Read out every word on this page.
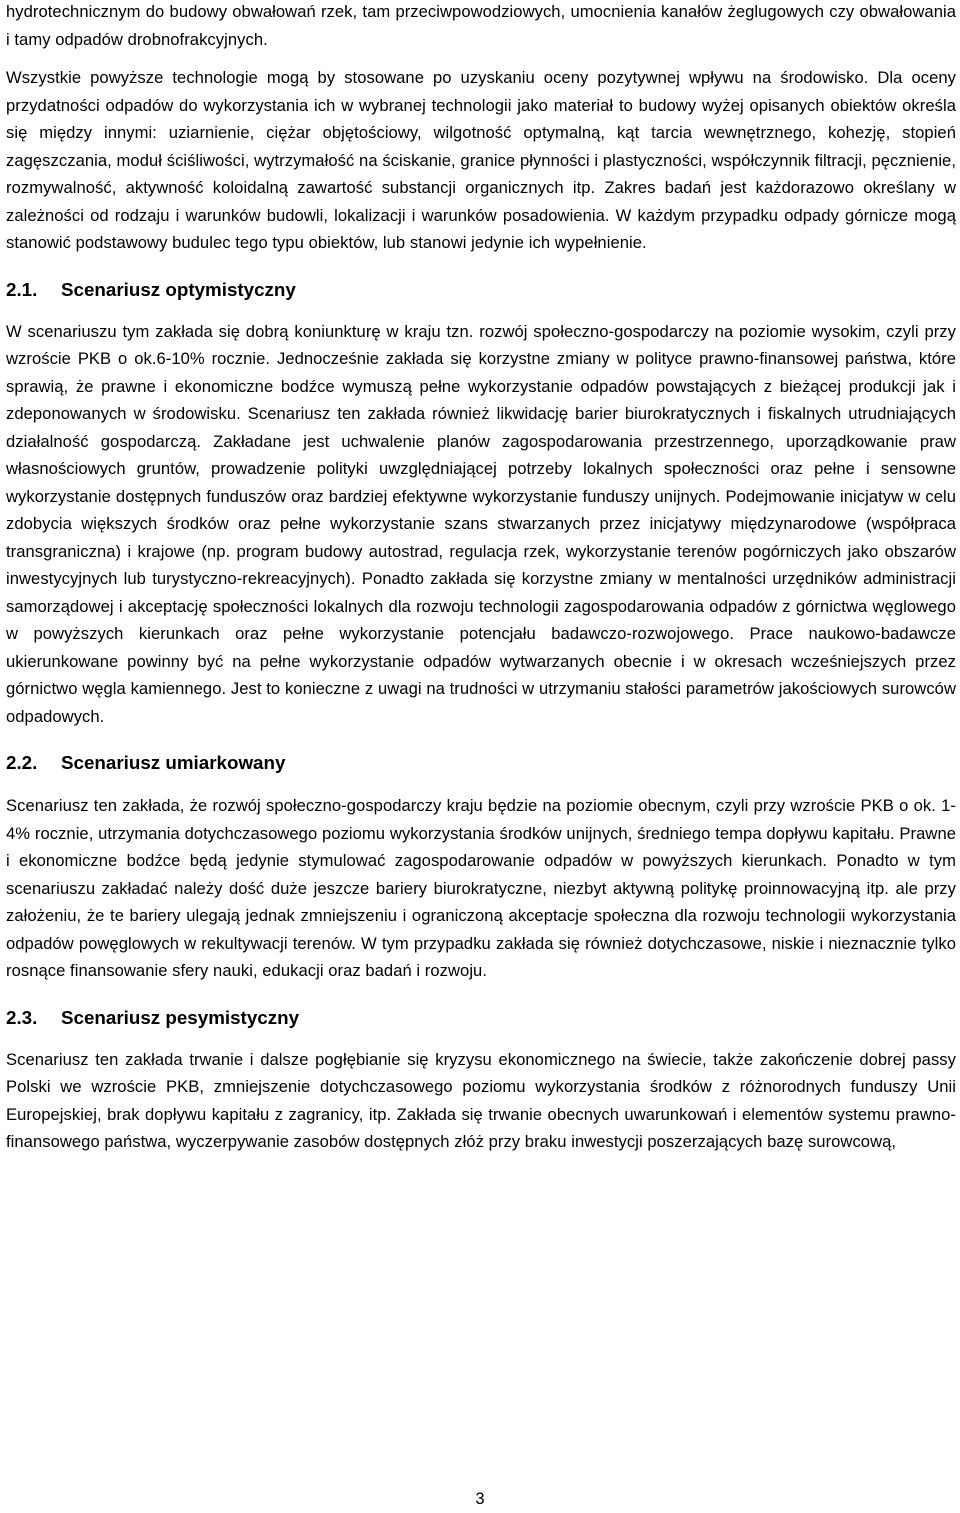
hydrotechnicznym do budowy obwałowań rzek, tam przeciwpowodziowych, umocnienia kanałów żeglugowych czy obwałowania i tamy odpadów drobnofrakcyjnych.

Wszystkie powyższe technologie mogą by stosowane po uzyskaniu oceny pozytywnej wpływu na środowisko. Dla oceny przydatności odpadów do wykorzystania ich w wybranej technologii jako materiał to budowy wyżej opisanych obiektów określa się między innymi: uziarnienie, ciężar objętościowy, wilgotność optymalną, kąt tarcia wewnętrznego, kohezję, stopień zagęszczania, moduł ściśliwości, wytrzymałość na ściskanie, granice płynności i plastyczności, współczynnik filtracji, pęcznienie, rozmywalność, aktywność koloidalną zawartość substancji organicznych itp. Zakres badań jest każdorazowo określany w zależności od rodzaju i warunków budowli, lokalizacji i warunków posadowienia. W każdym przypadku odpady górnicze mogą stanowić podstawowy budulec tego typu obiektów, lub stanowi jedynie ich wypełnienie.

2.1.	Scenariusz optymistyczny

W scenariuszu tym zakłada się dobrą koniunkturę w kraju tzn. rozwój społeczno-gospodarczy na poziomie wysokim, czyli przy wzroście PKB o ok.6-10% rocznie. Jednocześnie zakłada się korzystne zmiany w polityce prawno-finansowej państwa, które sprawią, że prawne i ekonomiczne bodźce wymuszą pełne wykorzystanie odpadów powstających z bieżącej produkcji jak i zdeponowanych w środowisku. Scenariusz ten zakłada również likwidację barier biurokratycznych i fiskalnych utrudniających działalność gospodarczą. Zakładane jest uchwalenie planów zagospodarowania przestrzennego, uporządkowanie praw własnościowych gruntów, prowadzenie polityki uwzględniającej potrzeby lokalnych społeczności oraz pełne i sensowne wykorzystanie dostępnych funduszów oraz bardziej efektywne wykorzystanie funduszy unijnych. Podejmowanie inicjatyw w celu zdobycia większych środków oraz pełne wykorzystanie szans stwarzanych przez inicjatywy międzynarodowe (współpraca transgraniczna) i krajowe (np. program budowy autostrad, regulacja rzek, wykorzystanie terenów pogórniczych jako obszarów inwestycyjnych lub turystyczno-rekreacyjnych). Ponadto zakłada się korzystne zmiany w mentalności urzędników administracji samorządowej i akceptację społeczności lokalnych dla rozwoju technologii zagospodarowania odpadów z górnictwa węglowego w powyższych kierunkach oraz pełne wykorzystanie potencjału badawczo-rozwojowego. Prace naukowo-badawcze ukierunkowane powinny być na pełne wykorzystanie odpadów wytwarzanych obecnie i w okresach wcześniejszych przez górnictwo węgla kamiennego. Jest to konieczne z uwagi na trudności w utrzymaniu stałości parametrów jakościowych surowców odpadowych.

2.2.	Scenariusz umiarkowany

Scenariusz ten zakłada, że rozwój społeczno-gospodarczy kraju będzie na poziomie obecnym, czyli przy wzroście PKB o ok. 1-4% rocznie, utrzymania dotychczasowego poziomu wykorzystania środków unijnych, średniego tempa dopływu kapitału. Prawne i ekonomiczne bodźce będą jedynie stymulować zagospodarowanie odpadów w powyższych kierunkach. Ponadto w tym scenariuszu zakładać należy dość duże jeszcze bariery biurokratyczne, niezbyt aktywną politykę proinnowacyjną itp. ale przy założeniu, że te bariery ulegają jednak zmniejszeniu i ograniczoną akceptacje społeczna dla rozwoju technologii wykorzystania odpadów powęglowych w rekultywacji terenów. W tym przypadku zakłada się również dotychczasowe, niskie i nieznacznie tylko rosnące finansowanie sfery nauki, edukacji oraz badań i rozwoju.

2.3.	Scenariusz pesymistyczny

Scenariusz ten zakłada trwanie i dalsze pogłębianie się kryzysu ekonomicznego na świecie, także zakończenie dobrej passy Polski we wzroście PKB, zmniejszenie dotychczasowego poziomu wykorzystania środków z różnorodnych funduszy Unii Europejskiej, brak dopływu kapitału z zagranicy, itp. Zakłada się trwanie obecnych uwarunkowań i elementów systemu prawno-finansowego państwa, wyczerpywanie zasobów dostępnych złóż przy braku inwestycji poszerzających bazę surowcową,

3
